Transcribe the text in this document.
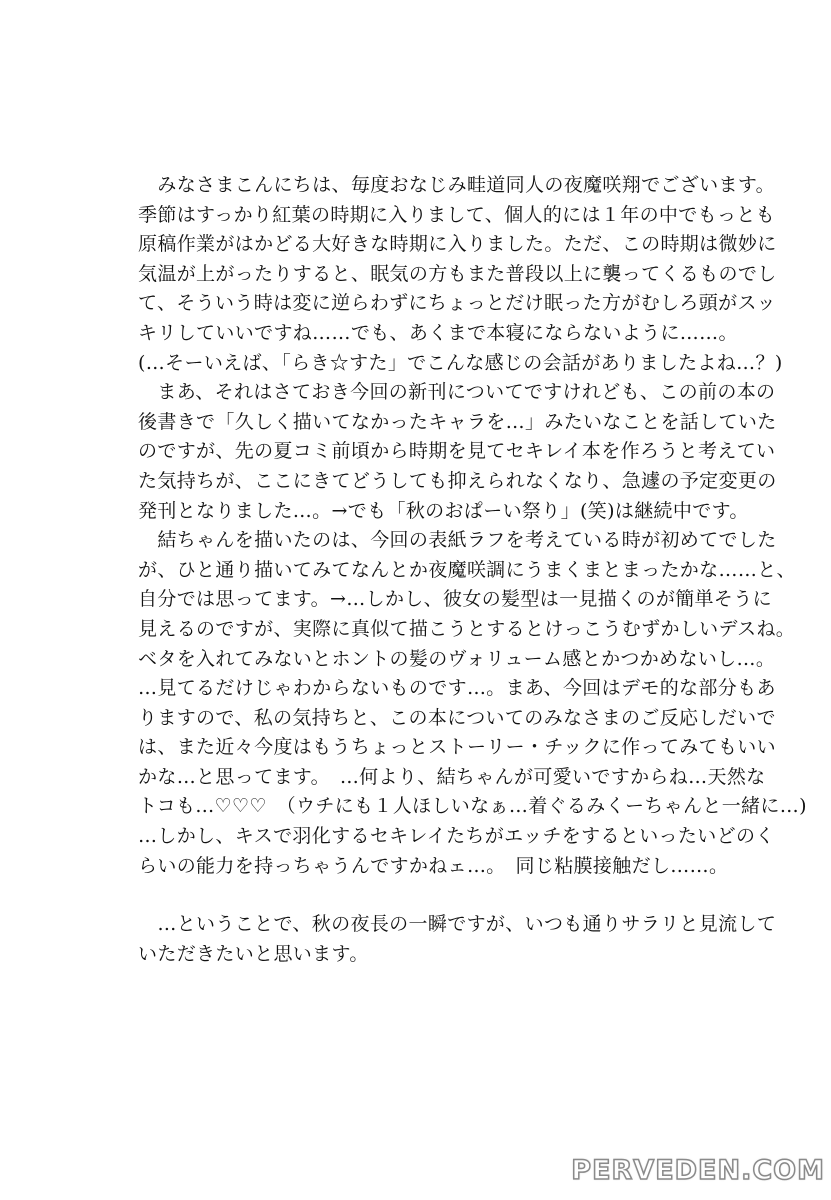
　みなさまこんにちは、毎度おなじみ畦道同人の夜魔咲翔でございます。
季節はすっかり紅葉の時期に入りまして、個人的には１年の中でもっとも
原稿作業がはかどる大好きな時期に入りました。ただ、この時期は微妙に
気温が上がったりすると、眠気の方もまた普段以上に襲ってくるものでし
て、そういう時は変に逆らわずにちょっとだけ眠った方がむしろ頭がスッ
キリしていいですね……でも、あくまで本寝にならないように……。
(…そーいえば、「らき☆すた」でこんな感じの会話がありましたよね…？)
　まあ、それはさておき今回の新刊についてですけれども、この前の本の
後書きで「久しく描いてなかったキャラを…」みたいなことを話していた
のですが、先の夏コミ前頃から時期を見てセキレイ本を作ろうと考えてい
た気持ちが、ここにきてどうしても抑えられなくなり、急遽の予定変更の
発刊となりました…。→でも「秋のおぱーい祭り」(笑)は継続中です。
　結ちゃんを描いたのは、今回の表紙ラフを考えている時が初めてでした
が、ひと通り描いてみてなんとか夜魔咲調にうまくまとまったかな……と、
自分では思ってます。→…しかし、彼女の髪型は一見描くのが簡単そうに
見えるのですが、実際に真似て描こうとするとけっこうむずかしいデスね。
ベタを入れてみないとホントの髪のヴォリューム感とかつかめないし…。
…見てるだけじゃわからないものです…。まあ、今回はデモ的な部分もあ
りますので、私の気持ちと、この本についてのみなさまのご反応しだいで
は、また近々今度はもうちょっとストーリー・チックに作ってみてもいい
かな…と思ってます。　…何より、結ちゃんが可愛いですからね…天然な
トコも…♡♡♡　（ウチにも１人ほしいなぁ…着ぐるみくーちゃんと一緒に…)
…しかし、キスで羽化するセキレイたちがエッチをするといったいどのく
らいの能力を持っちゃうんですかねェ…。　同じ粘膜接触だし……。
　…ということで、秋の夜長の一瞬ですが、いつも通りサラリと見流して
いただきたいと思います。
PERVEDEN.COM
